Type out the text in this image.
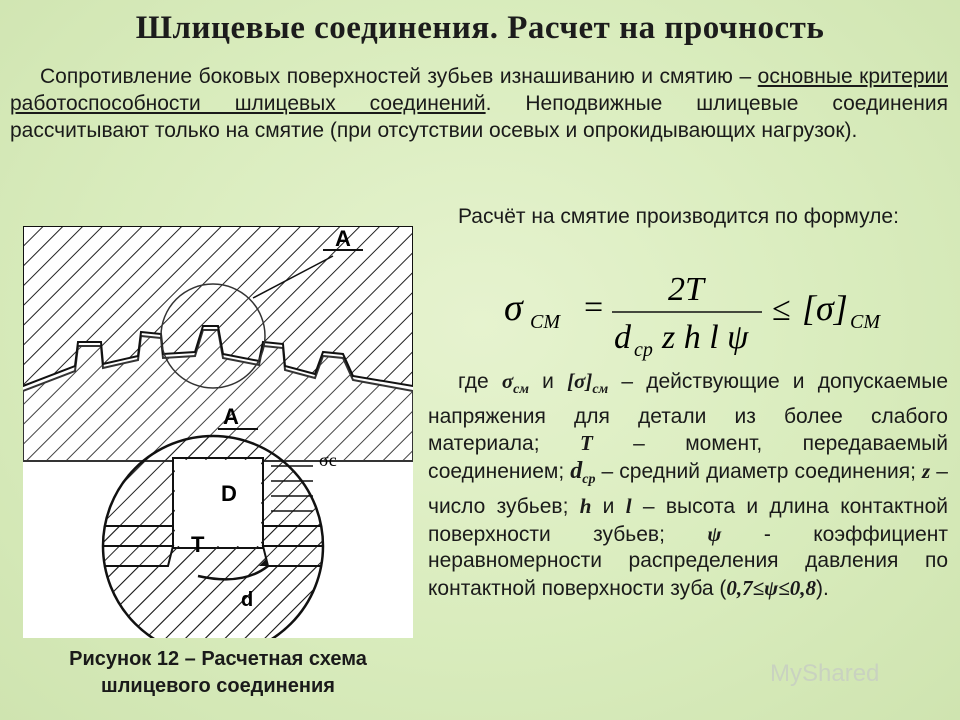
Шлицевые соединения. Расчет на прочность
Сопротивление боковых поверхностей зубьев изнашиванию и смятию – основные критерии работоспособности шлицевых соединений. Неподвижные шлицевые соединения рассчитывают только на смятие (при отсутствии осевых и опрокидывающих нагрузок).
А
А
σc
D
T
d
Рисунок 12 – Расчетная схема
шлицевого соединения
Расчёт на смятие производится по формуле:
σ СМ = 2T
d cp z h l ψ
≤ [σ] СМ
где $\sigma_{см}$ и $[\sigma]_{см}$ – действующие и допускаемые напряжения для детали из более слабого материала; T – момент, передаваемый соединением; $d_{cp}$ – средний диаметр соединения; z – число зубьев; h и l – высота и длина контактной поверхности зубьев; ψ - коэффициент неравномерности распределения давления по контактной поверхности зуба (0,7≤ψ≤0,8).
MyShared
